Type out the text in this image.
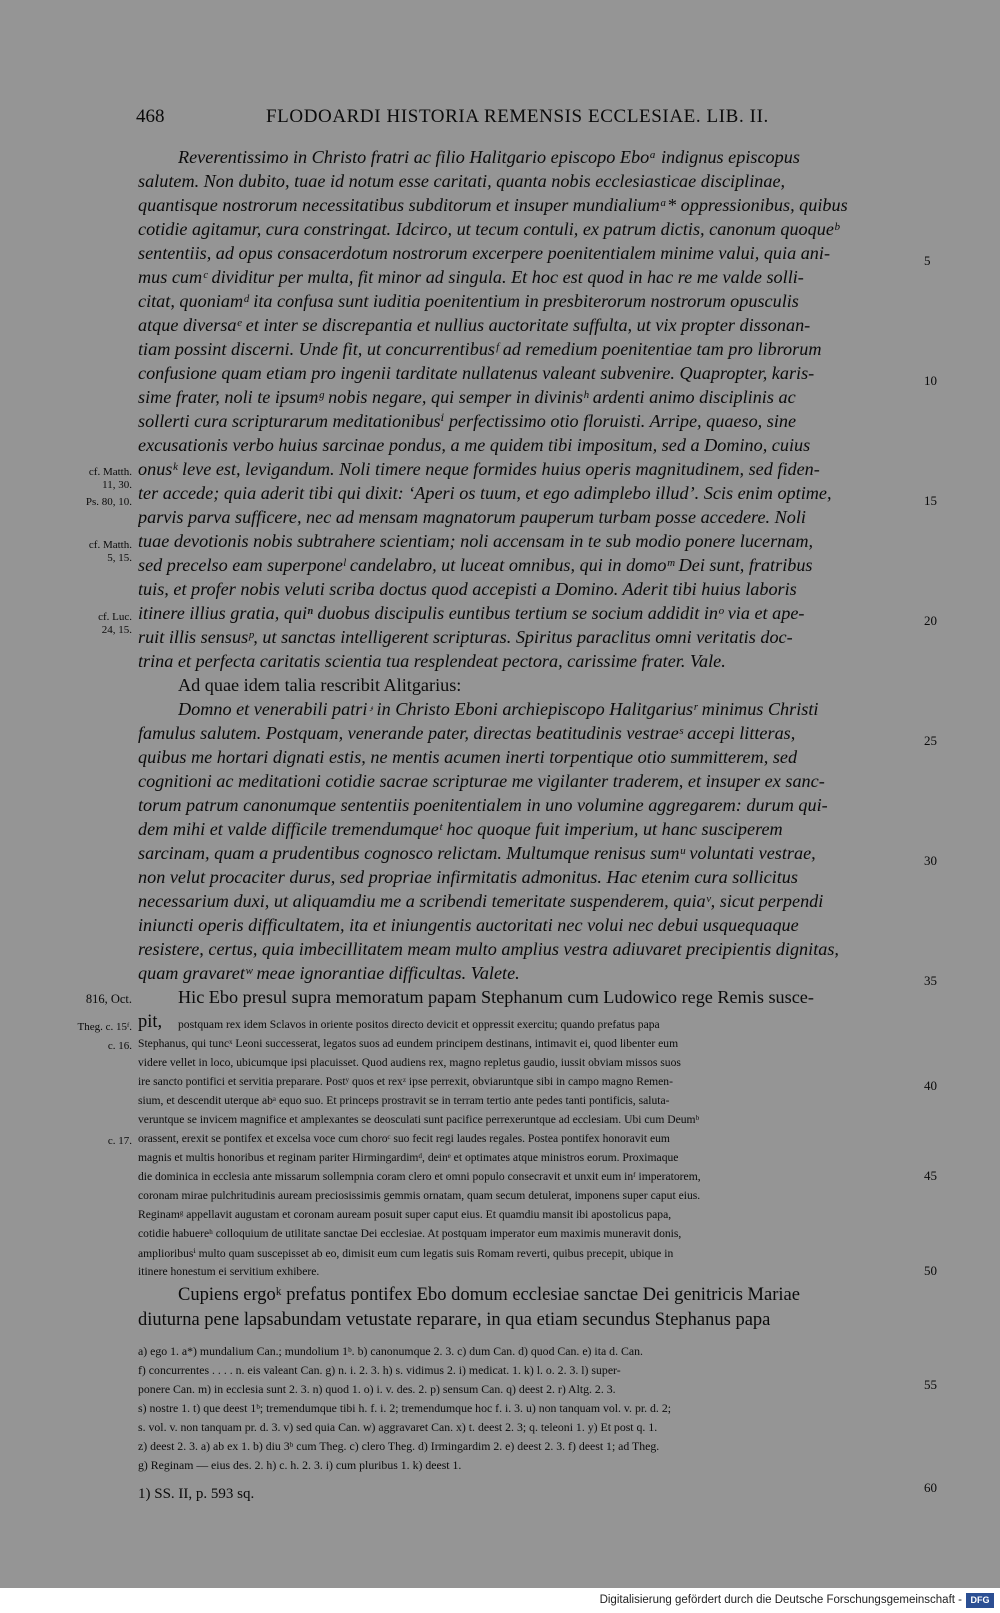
468	FLODOARDI HISTORIA REMENSIS ECCLESIAE. LIB. II.
Reverentissimo in Christo fratri ac filio Halitgario episcopo Eboᵃ indignus episcopus
salutem. Non dubito, tuae id notum esse caritati, quanta nobis ecclesiasticae disciplinae,
quantisque nostrorum necessitatibus subditorum et insuper mundialiumᵃ* oppressionibus, quibus
cotidie agitamur, cura constringat. Idcirco, ut tecum contuli, ex patrum dictis, canonum quoqueᵇ
sententiis, ad opus consacerdotum nostrorum excerpere poenitentialem minime valui, quia ani-
mus cumᶜ dividitur per multa, fit minor ad singula. Et hoc est quod in hac re me valde solli-
citat, quoniamᵈ ita confusa sunt iuditia poenitentium in presbiterorum nostrorum opusculis
atque diversaᵉ et inter se discrepantia et nullius auctoritate suffulta, ut vix propter dissonan-
tiam possint discerni. Unde fit, ut concurrentibusᶠ ad remedium poenitentiae tam pro librorum
confusione quam etiam pro ingenii tarditate nullatenus valeant subvenire. Quapropter, karis-
sime frater, noli te ipsumᵍ nobis negare, qui semper in divinisʰ ardenti animo disciplinis ac
sollerti cura scripturarum meditationibusⁱ perfectissimo otio floruisti. Arripe, quaeso, sine
excusationis verbo huius sarcinae pondus, a me quidem tibi impositum, sed a Domino, cuius
onusᵏ leve est, levigandum. Noli timere neque formides huius operis magnitudinem, sed fiden-
ter accede; quia aderit tibi qui dixit: ‘Aperi os tuum, et ego adimplebo illud’. Scis enim optime,
parvis parva sufficere, nec ad mensam magnatorum pauperum turbam posse accedere. Noli
tuae devotionis nobis subtrahere scientiam; noli accensam in te sub modio ponere lucernam,
sed precelso eam superponeˡ candelabro, ut luceat omnibus, qui in domoᵐ Dei sunt, fratribus
tuis, et profer nobis veluti scriba doctus quod accepisti a Domino. Aderit tibi huius laboris
itinere illius gratia, quiⁿ duobus discipulis euntibus tertium se socium addidit inᵒ via et ape-
ruit illis sensusᵖ, ut sanctas intelligerent scripturas. Spiritus paraclitus omni veritatis doc-
trina et perfecta caritatis scientia tua resplendeat pectora, carissime frater. Vale.
Ad quae idem talia rescribit Alitgarius:
Domno et venerabili patriۥ in Christo Eboni archiepiscopo Halitgariusʳ minimus Christi
famulus salutem. Postquam, venerande pater, directas beatitudinis vestraeˢ accepi litteras,
quibus me hortari dignati estis, ne mentis acumen inerti torpentique otio summitterem, sed
cognitioni ac meditationi cotidie sacrae scripturae me vigilanter traderem, et insuper ex sanc-
torum patrum canonumque sententiis poenitentialem in uno volumine aggregarem: durum qui-
dem mihi et valde difficile tremendumqueᵗ hoc quoque fuit imperium, ut hanc susciperem
sarcinam, quam a prudentibus cognosco relictam. Multumque renisus sumᵘ voluntati vestrae,
non velut procaciter durus, sed propriae infirmitatis admonitus. Hac etenim cura sollicitus
necessarium duxi, ut aliquamdiu me a scribendi temeritate suspenderem, quiaᵛ, sicut perpendi
iniuncti operis difficultatem, ita et iniungentis auctoritati nec volui nec debui usquequaque
resistere, certus, quia imbecillitatem meam multo amplius vestra adiuvaret precipientis dignitas,
quam gravaretʷ meae ignorantiae difficultas. Valete.
Hic Ebo presul supra memoratum papam Stephanum cum Ludowico rege Remis susce-
5
10
15
20
25
30
35
40
45
50
55
60
cf. Matth.
11, 30.
Ps. 80, 10.
cf. Matth.
5, 15.
cf. Luc.
24, 15.
816, Oct.
Theg. c. 15ᶠ.
c. 16.
c. 17.
pit,	postquam rex idem Sclavos in oriente positos directo devicit et oppressit exercitu; quando prefatus papa
Stephanus, qui tuncˣ Leoni successerat, legatos suos ad eundem principem destinans, intimavit ei, quod libenter eum
videre vellet in loco, ubicumque ipsi placuisset. Quod audiens rex, magno repletus gaudio, iussit obviam missos suos
ire sancto pontifici et servitia preparare. Postʸ quos et rexᶻ ipse perrexit, obviaruntque sibi in campo magno Remen-
sium, et descendit uterque abᵃ equo suo. Et princeps prostravit se in terram tertio ante pedes tanti pontificis, saluta-
veruntque se invicem magnifice et amplexantes se deosculati sunt pacifice perrexeruntque ad ecclesiam. Ubi cum Deumᵇ
orassent, erexit se pontifex et excelsa voce cum choroᶜ suo fecit regi laudes regales. Postea pontifex honoravit eum
magnis et multis honoribus et reginam pariter Hirmingardimᵈ, deinᵉ et optimates atque ministros eorum. Proximaque
die dominica in ecclesia ante missarum sollempnia coram clero et omni populo consecravit et unxit eum inᶠ imperatorem,
coronam mirae pulchritudinis auream preciosissimis gemmis ornatam, quam secum detulerat, imponens super caput eius.
Reginamᵍ appellavit augustam et coronam auream posuit super caput eius. Et quamdiu mansit ibi apostolicus papa,
cotidie habuereʰ colloquium de utilitate sanctae Dei ecclesiae. At postquam imperator eum maximis muneravit donis,
amplioribusⁱ multo quam suscepisset ab eo, dimisit eum cum legatis suis Romam reverti, quibus precepit, ubique in
itinere honestum ei servitium exhibere.
Cupiens ergoᵏ prefatus pontifex Ebo domum ecclesiae sanctae Dei genitricis Mariae
diuturna pene lapsabundam vetustate reparare, in qua etiam secundus Stephanus papa
a) ego 1. a*) mundalium Can.; mundolium 1ᵇ. b) canonumque 2. 3. c) dum Can. d) quod Can. e) ita d. Can.
f) concurrentes . . . . n. eis valeant Can. g) n. i. 2. 3. h) s. vidimus 2. i) medicat. 1. k) l. o. 2. 3. l) super-
ponere Can. m) in ecclesia sunt 2. 3. n) quod 1. o) i. v. des. 2. p) sensum Can. q) deest 2. r) Altg. 2. 3.
s) nostre 1. t) que deest 1ᵇ; tremendumque tibi h. f. i. 2; tremendumque hoc f. i. 3. u) non tanquam vol. v. pr. d. 2;
s. vol. v. non tanquam pr. d. 3. v) sed quia Can. w) aggravaret Can. x) t. deest 2. 3; q. teleoni 1. y) Et post q. 1.
z) deest 2. 3. a) ab ex 1. b) diu 3ᵇ cum Theg. c) clero Theg. d) Irmingardim 2. e) deest 2. 3. f) deest 1; ad Theg.
g) Reginam — eius des. 2. h) c. h. 2. 3. i) cum pluribus 1. k) deest 1.
1) SS. II, p. 593 sq.
Digitalisierung gefördert durch die Deutsche Forschungsgemeinschaft - DFG
